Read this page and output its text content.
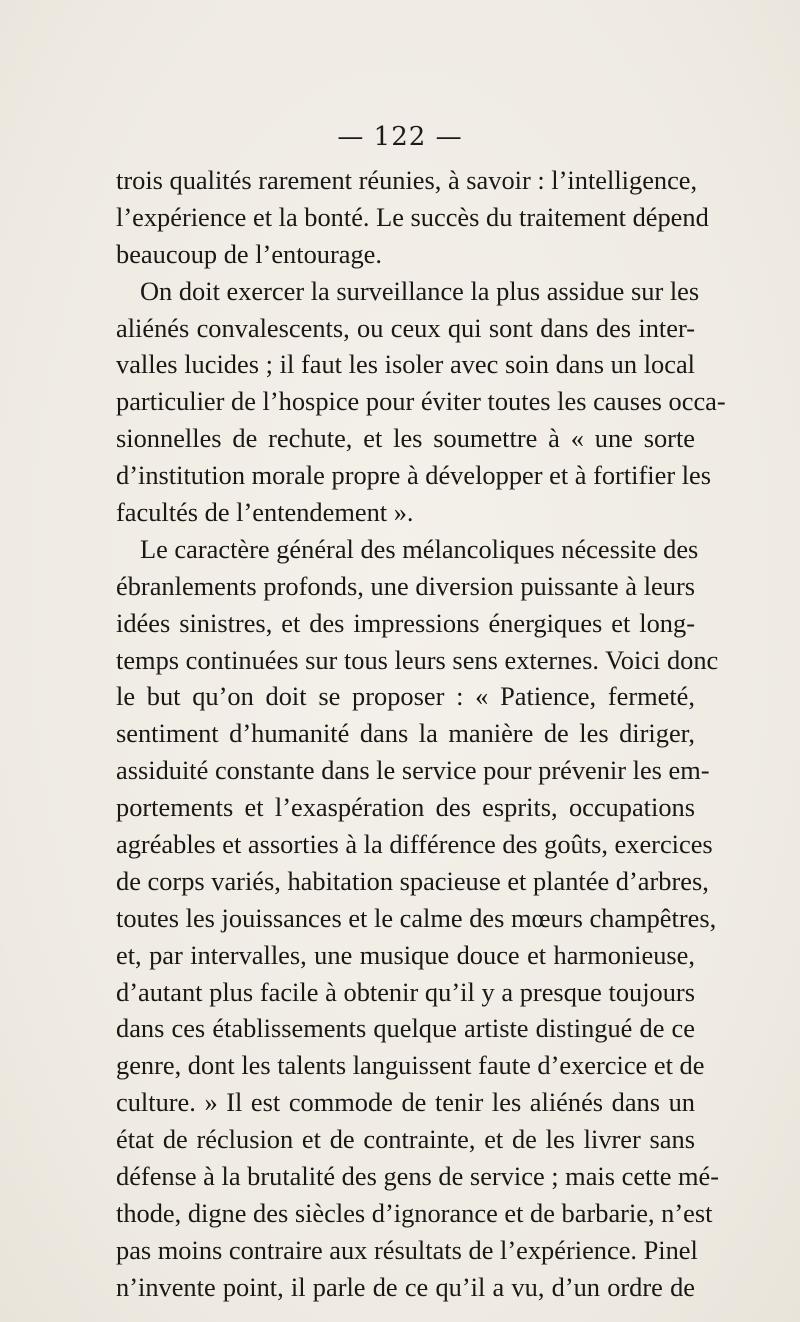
— 122 —
trois qualités rarement réunies, à savoir : l’intelligence,
l’expérience et la bonté. Le succès du traitement dépend
beaucoup de l’entourage.
On doit exercer la surveillance la plus assidue sur les
aliénés convalescents, ou ceux qui sont dans des inter-
valles lucides ; il faut les isoler avec soin dans un local
particulier de l’hospice pour éviter toutes les causes occa-
sionnelles de rechute, et les soumettre à « une sorte
d’institution morale propre à développer et à fortifier les
facultés de l’entendement ».
Le caractère général des mélancoliques nécessite des
ébranlements profonds, une diversion puissante à leurs
idées sinistres, et des impressions énergiques et long-
temps continuées sur tous leurs sens externes. Voici donc
le but qu’on doit se proposer : « Patience, fermeté,
sentiment d’humanité dans la manière de les diriger,
assiduité constante dans le service pour prévenir les em-
portements et l’exaspération des esprits, occupations
agréables et assorties à la différence des goûts, exercices
de corps variés, habitation spacieuse et plantée d’arbres,
toutes les jouissances et le calme des mœurs champêtres,
et, par intervalles, une musique douce et harmonieuse,
d’autant plus facile à obtenir qu’il y a presque toujours
dans ces établissements quelque artiste distingué de ce
genre, dont les talents languissent faute d’exercice et de
culture. » Il est commode de tenir les aliénés dans un
état de réclusion et de contrainte, et de les livrer sans
défense à la brutalité des gens de service ; mais cette mé-
thode, digne des siècles d’ignorance et de barbarie, n’est
pas moins contraire aux résultats de l’expérience. Pinel
n’invente point, il parle de ce qu’il a vu, d’un ordre de
